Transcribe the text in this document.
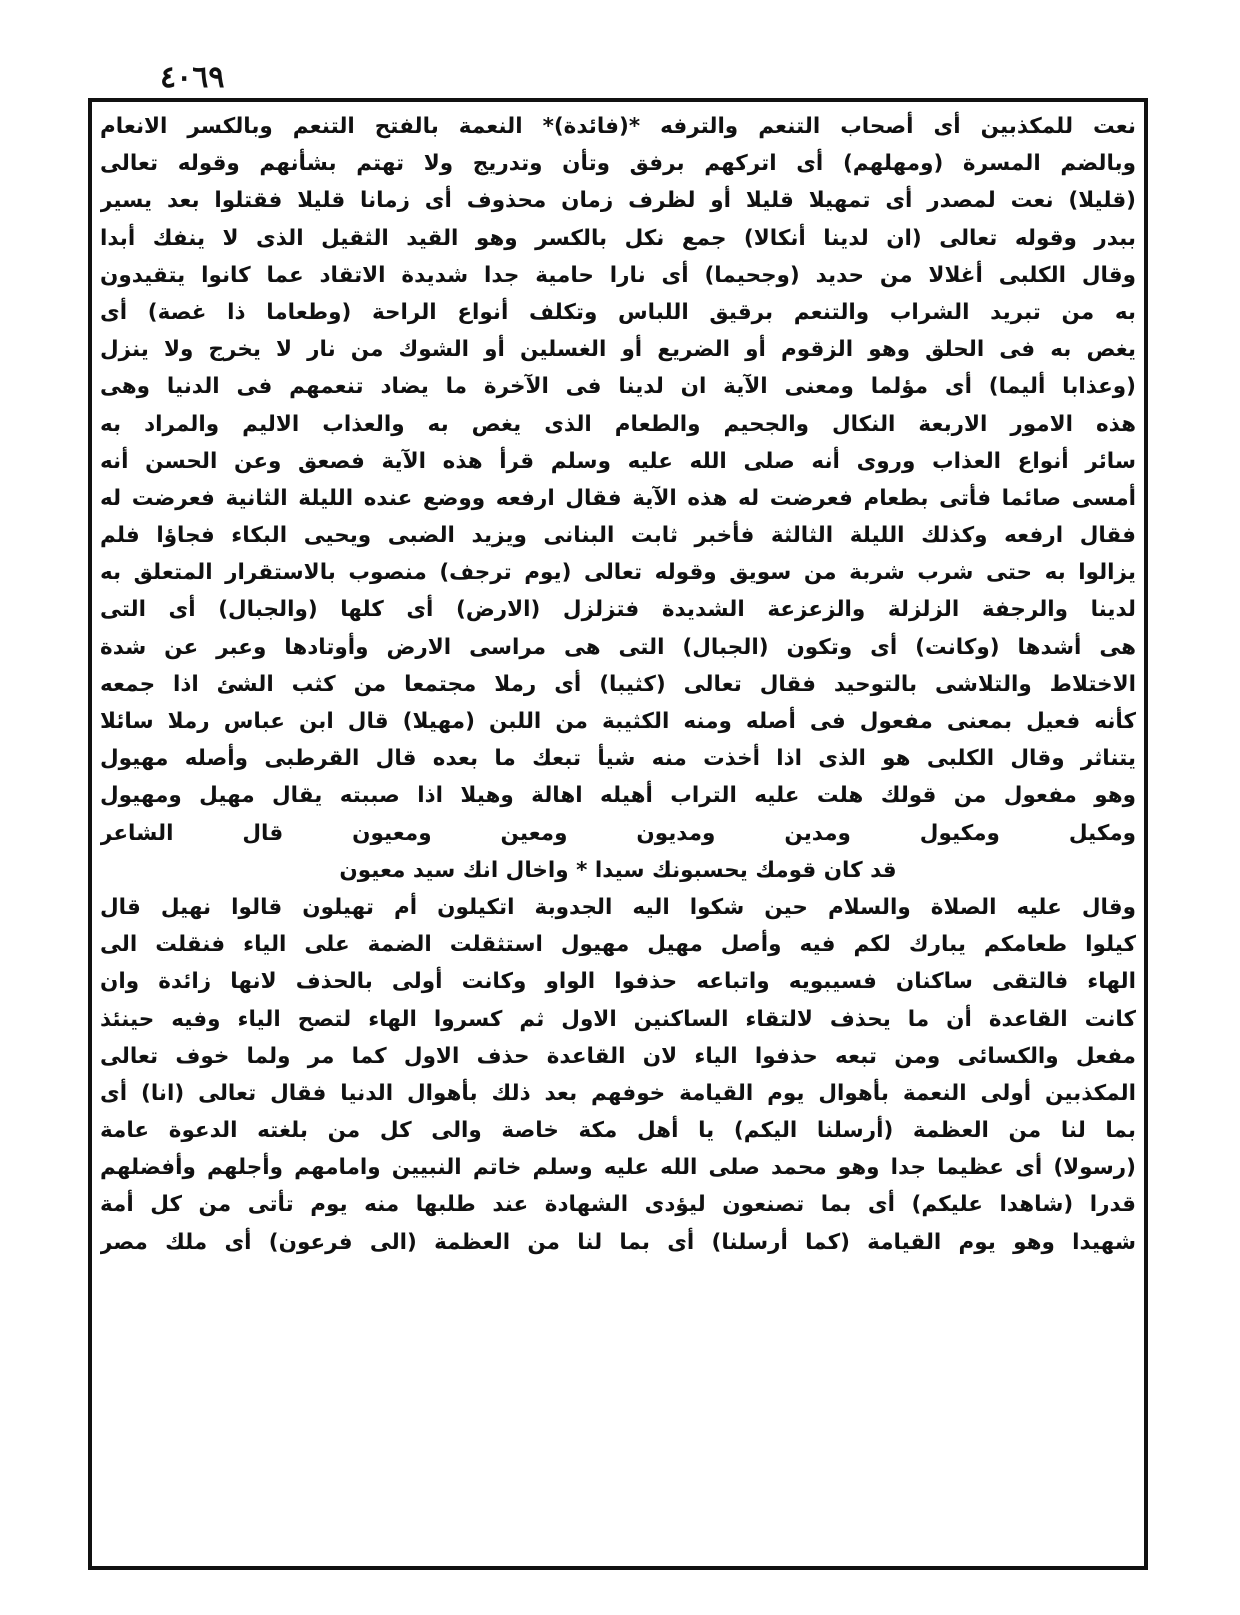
٤٠٦٩
نعت للمكذبين أى أصحاب التنعم والترفه *(فائدة)* النعمة بالفتح التنعم وبالكسر الانعام
وبالضم المسرة (ومهلهم) أى اتركهم برفق وتأن وتدريج ولا تهتم بشأنهم وقوله تعالى
(قليلا) نعت لمصدر أى تمهيلا قليلا أو لظرف زمان محذوف أى زمانا قليلا فقتلوا بعد يسير
ببدر وقوله تعالى (ان لدينا أنكالا) جمع نكل بالكسر وهو القيد الثقيل الذى لا ينفك أبدا
وقال الكلبى أغلالا من حديد (وجحيما) أى نارا حامية جدا شديدة الاتقاد عما كانوا يتقيدون
به من تبريد الشراب والتنعم برقيق اللباس وتكلف أنواع الراحة (وطعاما ذا غصة) أى
يغص به فى الحلق وهو الزقوم أو الضريع أو الغسلين أو الشوك من نار لا يخرج ولا ينزل
(وعذابا أليما) أى مؤلما ومعنى الآية ان لدينا فى الآخرة ما يضاد تنعمهم فى الدنيا وهى
هذه الامور الاربعة النكال والجحيم والطعام الذى يغص به والعذاب الاليم والمراد به
سائر أنواع العذاب وروى أنه صلى الله عليه وسلم قرأ هذه الآية فصعق وعن الحسن أنه
أمسى صائما فأتى بطعام فعرضت له هذه الآية فقال ارفعه ووضع عنده الليلة الثانية فعرضت له
فقال ارفعه وكذلك الليلة الثالثة فأخبر ثابت البنانى ويزيد الضبى ويحيى البكاء فجاؤا فلم
يزالوا به حتى شرب شربة من سويق وقوله تعالى (يوم ترجف) منصوب بالاستقرار المتعلق به
لدينا والرجفة الزلزلة والزعزعة الشديدة فتزلزل (الارض) أى كلها (والجبال) أى التى
هى أشدها (وكانت) أى وتكون (الجبال) التى هى مراسى الارض وأوتادها وعبر عن شدة
الاختلاط والتلاشى بالتوحيد فقال تعالى (كثيبا) أى رملا مجتمعا من كثب الشئ اذا جمعه
كأنه فعيل بمعنى مفعول فى أصله ومنه الكثيبة من اللبن (مهيلا) قال ابن عباس رملا سائلا
يتناثر وقال الكلبى هو الذى اذا أخذت منه شيأ تبعك ما بعده قال القرطبى وأصله مهيول
وهو مفعول من قولك هلت عليه التراب أهيله اهالة وهيلا اذا صببته يقال مهيل ومهيول
ومكيل ومكيول ومدين ومديون ومعين ومعيون قال الشاعر
قد كان قومك يحسبونك سيدا * واخال انك سيد معيون
وقال عليه الصلاة والسلام حين شكوا اليه الجدوبة اتكيلون أم تهيلون قالوا نهيل قال
كيلوا طعامكم يبارك لكم فيه وأصل مهيل مهيول استثقلت الضمة على الياء فنقلت الى
الهاء فالتقى ساكنان فسيبويه واتباعه حذفوا الواو وكانت أولى بالحذف لانها زائدة وان
كانت القاعدة أن ما يحذف لالتقاء الساكنين الاول ثم كسروا الهاء لتصح الياء وفيه حينئذ
مفعل والكسائى ومن تبعه حذفوا الياء لان القاعدة حذف الاول كما مر ولما خوف تعالى
المكذبين أولى النعمة بأهوال يوم القيامة خوفهم بعد ذلك بأهوال الدنيا فقال تعالى (انا) أى
بما لنا من العظمة (أرسلنا اليكم) يا أهل مكة خاصة والى كل من بلغته الدعوة عامة
(رسولا) أى عظيما جدا وهو محمد صلى الله عليه وسلم خاتم النبيين وامامهم وأجلهم وأفضلهم
قدرا (شاهدا عليكم) أى بما تصنعون ليؤدى الشهادة عند طلبها منه يوم تأتى من كل أمة
شهيدا وهو يوم القيامة (كما أرسلنا) أى بما لنا من العظمة (الى فرعون) أى ملك مصر
